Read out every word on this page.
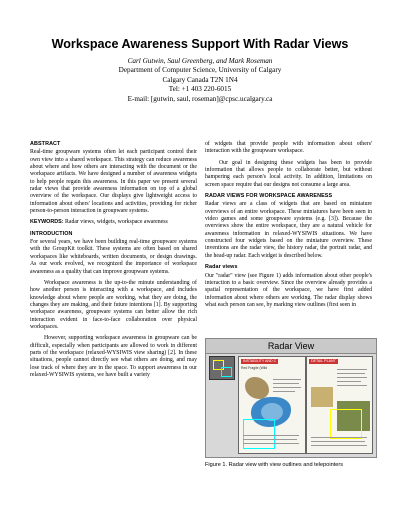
Workspace Awareness Support With Radar Views
Carl Gutwin, Saul Greenberg, and Mark Roseman
Department of Computer Science, University of Calgary
Calgary Canada T2N 1N4
Tel: +1 403 220-6015
E-mail: [gutwin, saul, roseman]@cpsc.ucalgary.ca
ABSTRACT
Real-time groupware systems often let each participant control their own view into a shared workspace. This strategy can reduce awareness about where and how others are interacting with the document or the workspace artifacts. We have designed a number of awareness widgets to help people regain this awareness. In this paper we present several radar views that provide awareness information on top of a global overview of the workspace. Our displays give lightweight access to information about others' locations and activities, providing for richer person-to-person interaction in groupware systems.
KEYWORDS: Radar views, widgets, workspace awareness
INTRODUCTION
For several years, we have been building real-time groupware systems with the GroupKit toolkit. These systems are often based on shared workspaces like whiteboards, written documents, or design drawings. As our work evolved, we recognized the importance of workspace awareness as a quality that can improve groupware systems.
Workspace awareness is the up-to-the minute understanding of how another person is interacting with a workspace, and includes knowledge about where people are working, what they are doing, the changes they are making, and their future intentions [1]. By supporting workspace awareness, groupware systems can better allow the rich interaction evident in face-to-face collaboration over physical workspaces.
However, supporting workspace awareness in groupware can be difficult, especially when participants are allowed to work in different parts of the workspace (relaxed-WYSIWIS view sharing) [2]. In these situations, people cannot directly see what others are doing, and may lose track of where they are in the space. To support awareness in our relaxed-WYSIWIS systems, we have built a variety
of widgets that provide people with information about others' interaction with the groupware workspace.
Our goal in designing these widgets has been to provide information that allows people to collaborate better, but without hampering each person's local activity. In addition, limitations on screen space require that our designs not consume a large area.
RADAR VIEWS FOR WORKSPACE AWARENESS
Radar views are a class of widgets that are based on miniature overviews of an entire workspace. These miniatures have been seen in video games and some groupware systems (e.g. [3]). Because the overviews show the entire workspace, they are a natural vehicle for awareness information in relaxed-WYSIWIS situations. We have constructed four widgets based on the miniature overview. These inventions are the radar view, the history radar, the portrait radar, and the head-up radar. Each widget is described below.
Radar views
Our "radar" view (see Figure 1) adds information about other people's interaction to a basic overview. Since the overview already provides a spatial representation of the workspace, we have first added information about where others are working. The radar display shows what each person can see, by marking view outlines (first seen in
Radar View
INSTABILITY AND C
Red Fragile (Wild
DETAIL PLANT
Figure 1. Radar view with view outlines and telepointers
